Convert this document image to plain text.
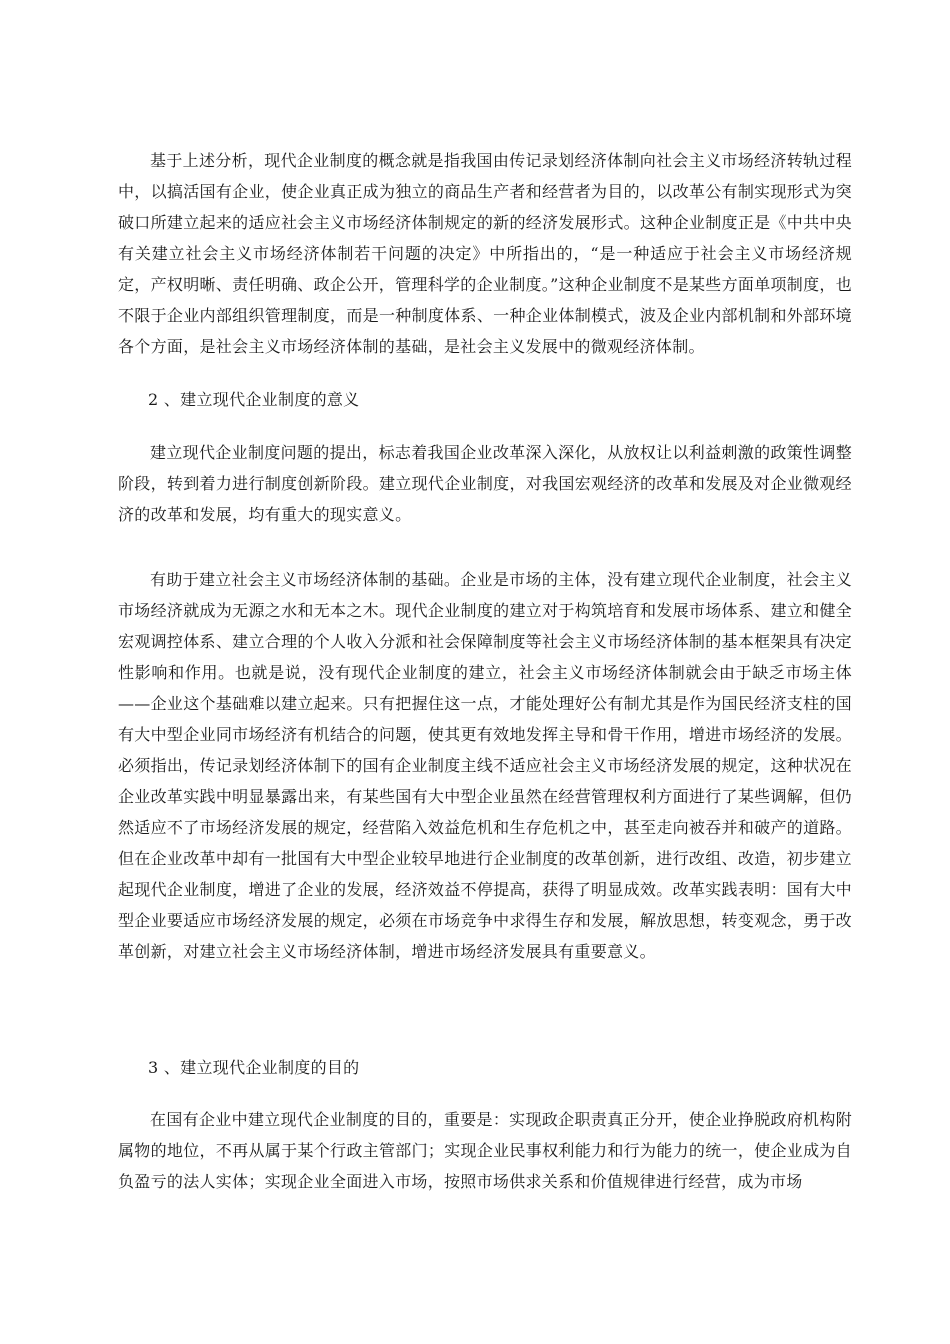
基于上述分析，现代企业制度的概念就是指我国由传记录划经济体制向社会主义市场经济转轨过程中，以搞活国有企业，使企业真正成为独立的商品生产者和经营者为目的，以改革公有制实现形式为突破口所建立起来的适应社会主义市场经济体制规定的新的经济发展形式。这种企业制度正是《中共中央有关建立社会主义市场经济体制若干问题的决定》中所指出的，“是一种适应于社会主义市场经济规定，产权明晰、责任明确、政企公开，管理科学的企业制度。”这种企业制度不是某些方面单项制度，也不限于企业内部组织管理制度，而是一种制度体系、一种企业体制模式，波及企业内部机制和外部环境各个方面，是社会主义市场经济体制的基础，是社会主义发展中的微观经济体制。

2 、建立现代企业制度的意义

建立现代企业制度问题的提出，标志着我国企业改革深入深化，从放权让以利益刺激的政策性调整阶段，转到着力进行制度创新阶段。建立现代企业制度，对我国宏观经济的改革和发展及对企业微观经济的改革和发展，均有重大的现实意义。

有助于建立社会主义市场经济体制的基础。企业是市场的主体，没有建立现代企业制度，社会主义市场经济就成为无源之水和无本之木。现代企业制度的建立对于构筑培育和发展市场体系、建立和健全宏观调控体系、建立合理的个人收入分派和社会保障制度等社会主义市场经济体制的基本框架具有决定性影响和作用。也就是说，没有现代企业制度的建立，社会主义市场经济体制就会由于缺乏市场主体——企业这个基础难以建立起来。只有把握住这一点，才能处理好公有制尤其是作为国民经济支柱的国有大中型企业同市场经济有机结合的问题，使其更有效地发挥主导和骨干作用，增进市场经济的发展。必须指出，传记录划经济体制下的国有企业制度主线不适应社会主义市场经济发展的规定，这种状况在企业改革实践中明显暴露出来，有某些国有大中型企业虽然在经营管理权利方面进行了某些调解，但仍然适应不了市场经济发展的规定，经营陷入效益危机和生存危机之中，甚至走向被吞并和破产的道路。但在企业改革中却有一批国有大中型企业较早地进行企业制度的改革创新，进行改组、改造，初步建立起现代企业制度，增进了企业的发展，经济效益不停提高，获得了明显成效。改革实践表明：国有大中型企业要适应市场经济发展的规定，必须在市场竞争中求得生存和发展，解放思想，转变观念，勇于改革创新，对建立社会主义市场经济体制，增进市场经济发展具有重要意义。

3 、建立现代企业制度的目的

在国有企业中建立现代企业制度的目的，重要是：实现政企职责真正分开，使企业挣脱政府机构附属物的地位，不再从属于某个行政主管部门；实现企业民事权利能力和行为能力的统一，使企业成为自负盈亏的法人实体；实现企业全面进入市场，按照市场供求关系和价值规律进行经营，成为市场
